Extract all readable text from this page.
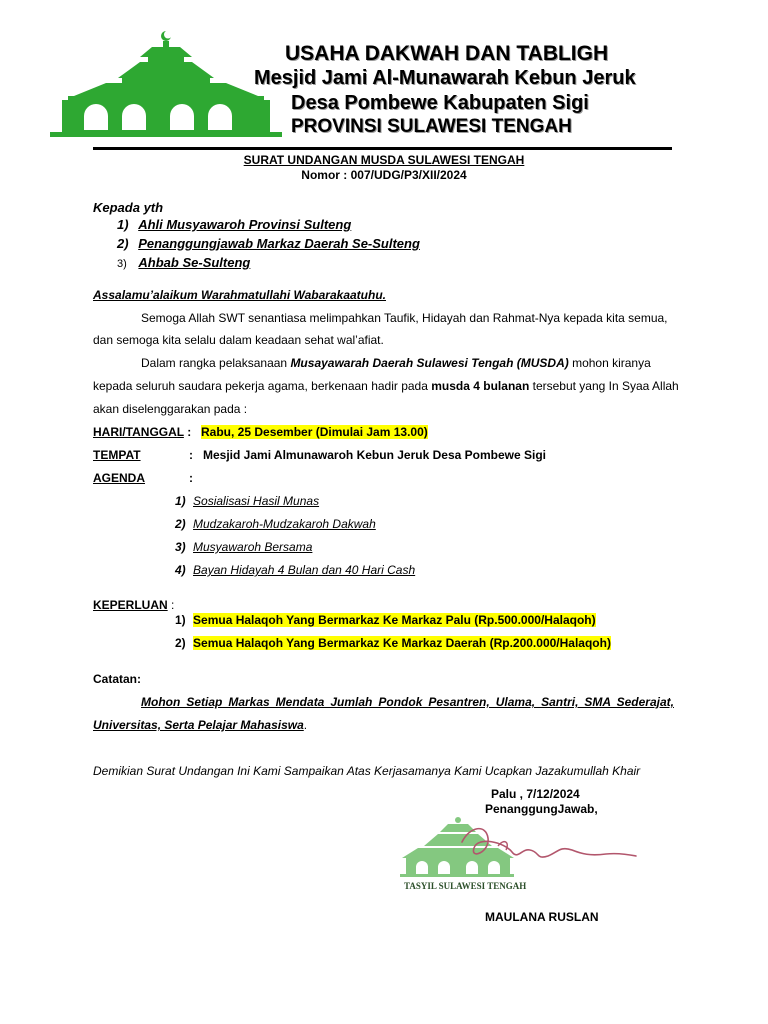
USAHA DAKWAH DAN TABLIGH
Mesjid Jami Al-Munawarah Kebun Jeruk
Desa Pombewe Kabupaten Sigi
PROVINSI SULAWESI TENGAH
SURAT UNDANGAN MUSDA SULAWESI TENGAH
Nomor : 007/UDG/P3/XII/2024
Kepada yth
1) Ahli Musyawaroh Provinsi Sulteng
2) Penanggungjawab Markaz Daerah Se-Sulteng
3) Ahbab Se-Sulteng
Assalamu’alaikum Warahmatullahi Wabarakaatuhu.
Semoga Allah SWT senantiasa melimpahkan Taufik, Hidayah dan Rahmat-Nya kepada kita semua,
dan semoga kita selalu dalam keadaan sehat wal’afiat.
Dalam rangka pelaksanaan Musayawarah Daerah Sulawesi Tengah (MUSDA) mohon kiranya
kepada seluruh saudara pekerja agama, berkenaan hadir pada musda 4 bulanan tersebut yang In Syaa Allah
akan diselenggarakan pada :
HARI/TANGGAL : Rabu, 25 Desember (Dimulai Jam 13.00)
TEMPAT	: Mesjid Jami Almunawaroh Kebun Jeruk Desa Pombewe Sigi
AGENDA	:
1) Sosialisasi Hasil Munas
2) Mudzakaroh-Mudzakaroh Dakwah
3) Musyawaroh Bersama
4) Bayan Hidayah 4 Bulan dan 40 Hari Cash
KEPERLUAN :
1) Semua Halaqoh Yang Bermarkaz Ke Markaz Palu (Rp.500.000/Halaqoh)
2) Semua Halaqoh Yang Bermarkaz Ke Markaz Daerah (Rp.200.000/Halaqoh)
Catatan:
Mohon Setiap Markas Mendata Jumlah Pondok Pesantren, Ulama, Santri, SMA Sederajat,
Universitas, Serta Pelajar Mahasiswa.
Demikian Surat Undangan Ini Kami Sampaikan Atas Kerjasamanya Kami Ucapkan Jazakumullah Khair
Palu , 7/12/2024
PenanggungJawab,
TASYIL SULAWESI TENGAH
MAULANA RUSLAN
